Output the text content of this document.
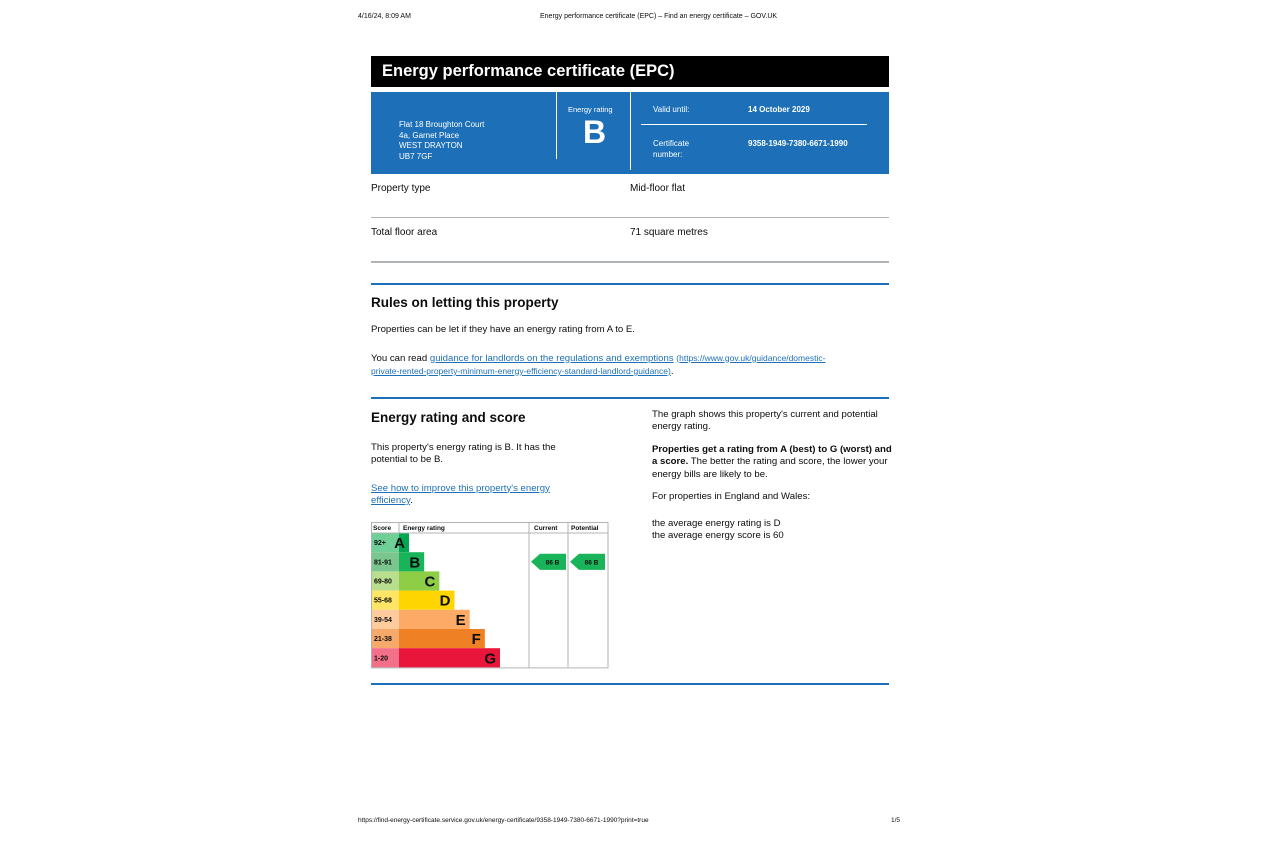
4/16/24, 8:09 AM	Energy performance certificate (EPC) – Find an energy certificate – GOV.UK
Energy performance certificate (EPC)
Flat 18 Broughton Court
4a, Garnet Place
WEST DRAYTON
UB7 7GF
Energy rating
B
Valid until:	14 October 2029
Certificate number:
9358-1949-7380-6671-1990
Property type	Mid-floor flat
Total floor area	71 square metres
Rules on letting this property

Properties can be let if they have an energy rating from A to E.

You can read guidance for landlords on the regulations and exemptions (https://www.gov.uk/guidance/domestic-private-rented-property-minimum-energy-efficiency-standard-landlord-guidance).

Energy rating and score

This property's energy rating is B. It has the potential to be B.

See how to improve this property's energy efficiency.

The graph shows this property's current and potential energy rating.

Properties get a rating from A (best) to G (worst) and a score. The better the rating and score, the lower your energy bills are likely to be.

For properties in England and Wales:

the average energy rating is D

the average energy score is 60

Score Energy rating	Current Potential
92+ A
81-91 B
69-80 C
55-68	D
39-54	E
21-38	F
1-20	G
86 B	86 B
https://find-energy-certificate.service.gov.uk/energy-certificate/9358-1949-7380-6671-1990?print=true	1/5
